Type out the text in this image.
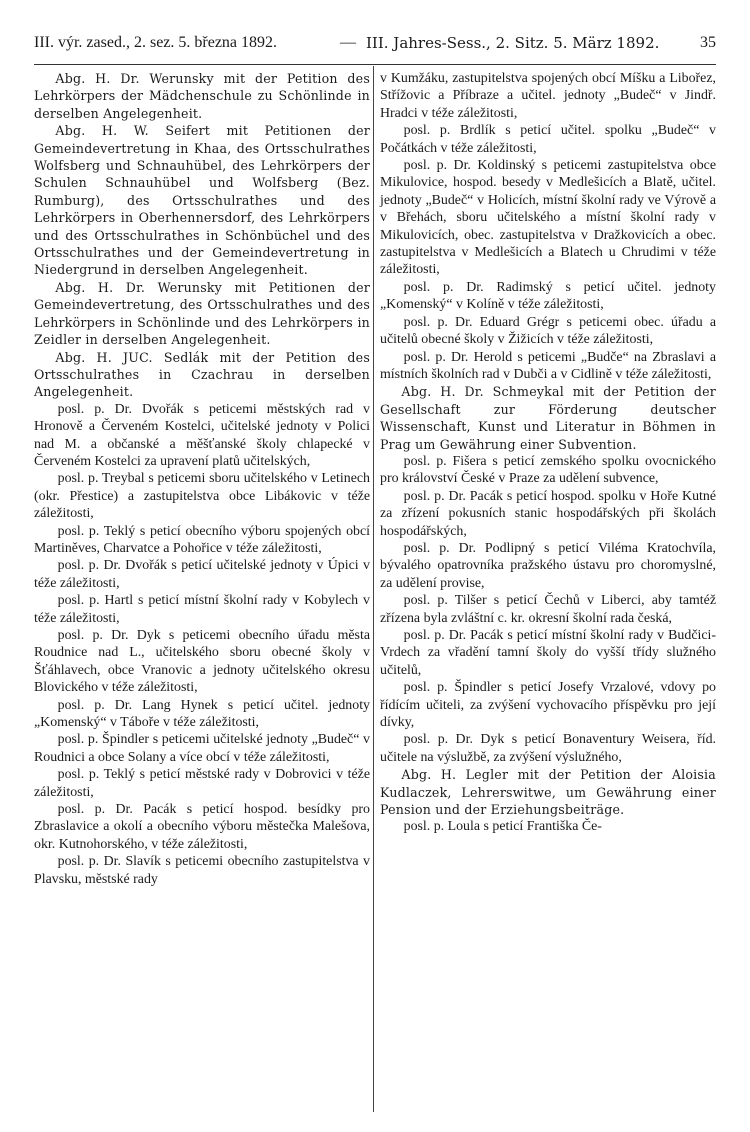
III. výr. zased., 2. sez. 5. března 1892.	— III. Jahres-Sess., 2. Sitz. 5. März 1892.	35

Abg. H. Dr. Werunsky mit der Petition des Lehrkörpers der Mädchenschule zu Schönlinde in derselben Angelegenheit.

Abg. H. W. Seifert mit Petitionen der Gemeindevertretung in Khaa, des Ortsschulrathes Wolfsberg und Schnauhübel, des Lehrkörpers der Schulen Schnauhübel und Wolfsberg (Bez. Rumburg), des Ortsschulrathes und des Lehrkörpers in Oberhennersdorf, des Lehrkörpers und des Ortsschulrathes in Schönbüchel und des Ortsschulrathes und der Gemeindevertretung in Niedergrund in derselben Angelegenheit.

Abg. H. Dr. Werunsky mit Petitionen der Gemeindevertretung, des Ortsschulrathes und des Lehrkörpers in Schönlinde und des Lehrkörpers in Zeidler in derselben Angelegenheit.

Abg. H. JUC. Sedlák mit der Petition des Ortsschulrathes in Czachrau in derselben Angelegenheit.

posl. p. Dr. Dvořák s peticemi městských rad v Hronově a Červeném Kostelci, učitelské jednoty v Polici nad M. a občanské a měšťanské školy chlapecké v Červeném Kostelci za upravení platů učitelských,

posl. p. Treybal s peticemi sboru učitelského v Letinech (okr. Přestice) a zastupitelstva obce Libákovic v téže záležitosti,

posl. p. Teklý s peticí obecního výboru spojených obcí Martiněves, Charvatce a Pohořice v téže záležitosti,

posl. p. Dr. Dvořák s peticí učitelské jednoty v Úpici v téže záležitosti,

posl. p. Hartl s peticí místní školní rady v Kobylech v téže záležitosti,

posl. p. Dr. Dyk s peticemi obecního úřadu města Roudnice nad L., učitelského sboru obecné školy v Šťáhlavech, obce Vranovic a jednoty učitelského okresu Blovického v téže záležitosti,

posl. p. Dr. Lang Hynek s peticí učitel. jednoty „Komenský“ v Táboře v téže záležitosti,

posl. p. Špindler s peticemi učitelské jednoty „Budeč“ v Roudnici a obce Solany a více obcí v téže záležitosti,

posl. p. Teklý s peticí městské rady v Dobrovici v téže záležitosti,

posl. p. Dr. Pacák s peticí hospod. besídky pro Zbraslavice a okolí a obecního výboru městečka Malešova, okr. Kutnohorského, v téže záležitosti,

posl. p. Dr. Slavík s peticemi obecního zastupitelstva v Plavsku, městské rady

v Kumžáku, zastupitelstva spojených obcí Míšku a Libořez, Střížovic a Příbraze a učitel. jednoty „Budeč“ v Jindř. Hradci v téže záležitosti,

posl. p. Brdlík s peticí učitel. spolku „Budeč“ v Počátkách v téže záležitosti,

posl. p. Dr. Koldinský s peticemi zastupitelstva obce Mikulovice, hospod. besedy v Medlešicích a Blatě, učitel. jednoty „Budeč“ v Holicích, místní školní rady ve Výrově a v Břehách, sboru učitelského a místní školní rady v Mikulovicích, obec. zastupitelstva v Dražkovicích a obec. zastupitelstva v Medlešicích a Blatech u Chrudimi v téže záležitosti,

posl. p. Dr. Radimský s peticí učitel. jednoty „Komenský“ v Kolíně v téže záležitosti,

posl. p. Dr. Eduard Grégr s peticemi obec. úřadu a učitelů obecné školy v Žižicích v téže záležitosti,

posl. p. Dr. Herold s peticemi „Budče“ na Zbraslavi a místních školních rad v Dubči a v Cidlině v téže záležitosti,

Abg. H. Dr. Schmeykal mit der Petition der Gesellschaft zur Förderung deutscher Wissenschaft, Kunst und Literatur in Böhmen in Prag um Gewährung einer Subvention.

posl. p. Fišera s peticí zemského spolku ovocnického pro království České v Praze za udělení subvence,

posl. p. Dr. Pacák s peticí hospod. spolku v Hoře Kutné za zřízení pokusních stanic hospodářských při školách hospodářských,

posl. p. Dr. Podlipný s peticí Viléma Kratochvíla, bývalého opatrovníka pražského ústavu pro choromyslné, za udělení provise,

posl. p. Tilšer s peticí Čechů v Liberci, aby tamtéž zřízena byla zvláštní c. kr. okresní školní rada česká,

posl. p. Dr. Pacák s peticí místní školní rady v Budčici-Vrdech za vřadění tamní školy do vyšší třídy služného učitelů,

posl. p. Špindler s peticí Josefy Vrzalové, vdovy po řídícím učiteli, za zvýšení vychovacího příspěvku pro její dívky,

posl. p. Dr. Dyk s peticí Bonaventury Weisera, říd. učitele na výslužbě, za zvýšení výslužného,

Abg. H. Legler mit der Petition der Aloisia Kudlaczek, Lehrerswitwe, um Gewährung einer Pension und der Erziehungsbeiträge.

posl. p. Loula s peticí Františka Če-
